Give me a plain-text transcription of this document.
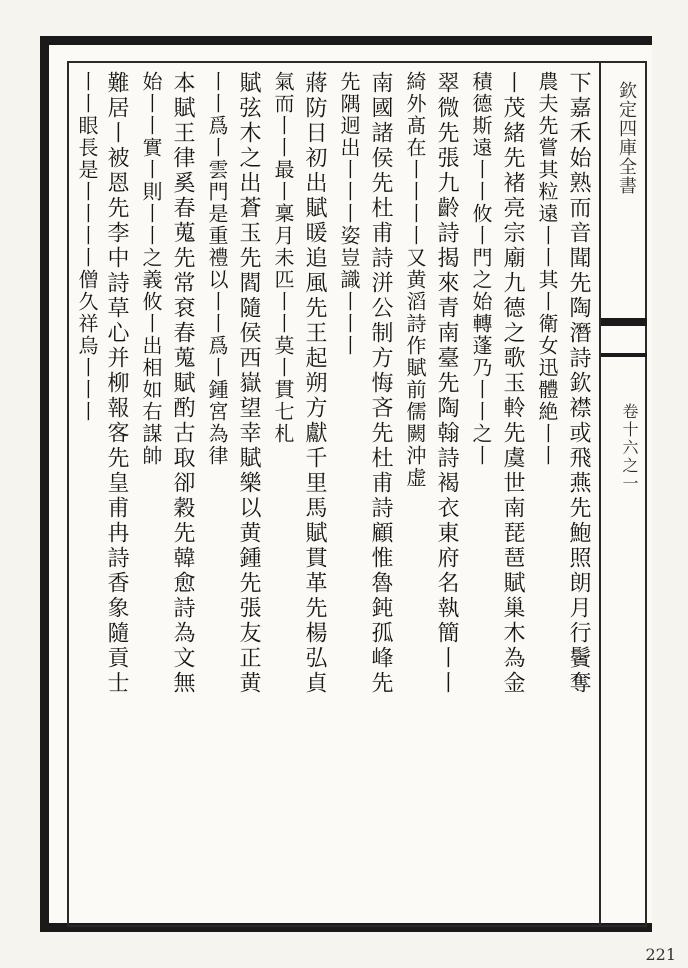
下嘉禾始熟而音聞先陶潛詩欽襟或飛燕先鮑照朗月行鬢奪
農夫先嘗其粒遠丨丨其丨衛女迅體絶丨丨
丨茂緒先褚亮宗廟九德之歌玉軨先虞世南琵琶賦巢木為金
積德斯遠丨丨攸丨門之始轉蓬乃丨丨之丨
翠微先張九齡詩揭來青南臺先陶翰詩褐衣東府名執簡丨丨
綺外髙在丨丨丨丨又黄滔詩作賦前儒闕沖虚
南國諸侯先杜甫詩洴公制方悔吝先杜甫詩顧惟魯鈍孤峰先
先隅迥出丨丨丨姿豈識丨丨丨
蔣防日初出賦暖追風先王起朔方獻千里馬賦貫革先楊弘貞
氣而丨丨最丨稟月未匹丨丨莫丨貫七札
賦弦木之出蒼玉先閻隨侯西嶽望幸賦樂以黄鍾先張友正黄
丨丨爲丨雲門是重禮以丨丨爲丨鍾宮為律
本賦王律奚春蒐先常袞春蒐賦酌古取卻穀先韓愈詩為文無
始丨丨實丨則丨丨之義攸丨出相如右謀帥
難居丨被恩先李中詩草心并柳報客先皇甫冉詩香象隨貢士
丨丨眼長是丨丨丨丨僧久祥烏丨丨丨	欽定四庫全書
卷十六之一
221
